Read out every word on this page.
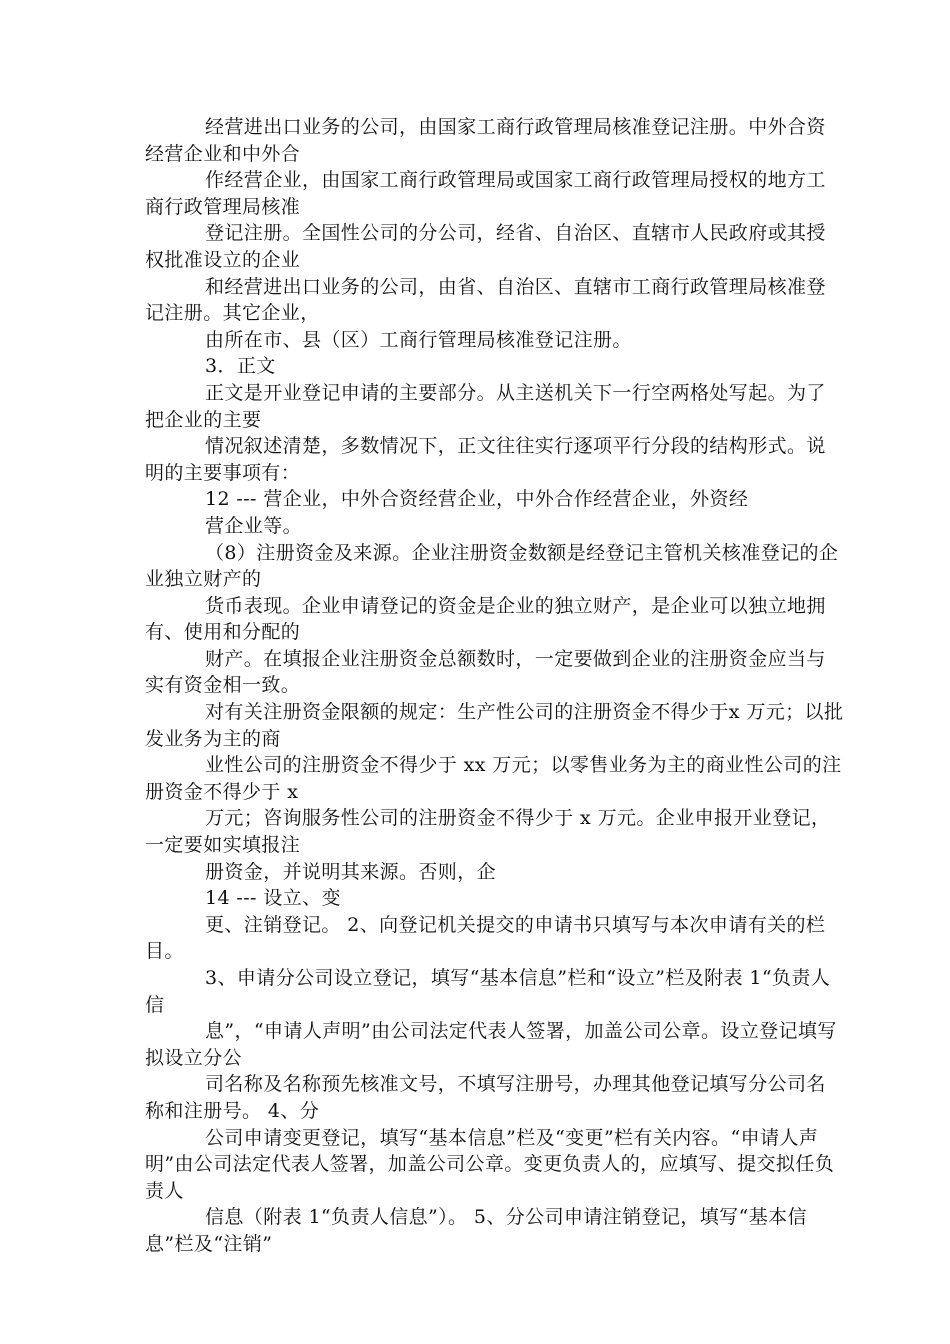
经营进出口业务的公司，由国家工商行政管理局核准登记注册。中外合资经营企业和中外合

作经营企业，由国家工商行政管理局或国家工商行政管理局授权的地方工商行政管理局核准

登记注册。全国性公司的分公司，经省、自治区、直辖市人民政府或其授权批准设立的企业

和经营进出口业务的公司，由省、自治区、直辖市工商行政管理局核准登记注册。其它企业，

由所在市、县（区）工商行管理局核准登记注册。

3．正文

正文是开业登记申请的主要部分。从主送机关下一行空两格处写起。为了把企业的主要

情况叙述清楚，多数情况下，正文往往实行逐项平行分段的结构形式。说明的主要事项有：

12 --- 营企业，中外合资经营企业，中外合作经营企业，外资经

营企业等。

（8）注册资金及来源。企业注册资金数额是经登记主管机关核准登记的企业独立财产的

货币表现。企业申请登记的资金是企业的独立财产，是企业可以独立地拥有、使用和分配的

财产。在填报企业注册资金总额数时，一定要做到企业的注册资金应当与实有资金相一致。

对有关注册资金限额的规定：生产性公司的注册资金不得少于x 万元；以批发业务为主的商

业性公司的注册资金不得少于 xx 万元；以零售业务为主的商业性公司的注册资金不得少于 x

万元；咨询服务性公司的注册资金不得少于 x 万元。企业申报开业登记，一定要如实填报注

册资金，并说明其来源。否则，企

14 --- 设立、变

更、注销登记。 2、向登记机关提交的申请书只填写与本次申请有关的栏目。

3、申请分公司设立登记，填写“基本信息”栏和“设立”栏及附表 1“负责人信

息”，“申请人声明”由公司法定代表人签署，加盖公司公章。设立登记填写拟设立分公

司名称及名称预先核准文号，不填写注册号，办理其他登记填写分公司名称和注册号。 4、分

公司申请变更登记，填写“基本信息”栏及“变更”栏有关内容。“申请人声 明”由公司法定代表人签署，加盖公司公章。变更负责人的，应填写、提交拟任负责人

信息（附表 1“负责人信息”）。 5、分公司申请注销登记，填写“基本信息”栏及“注销”
